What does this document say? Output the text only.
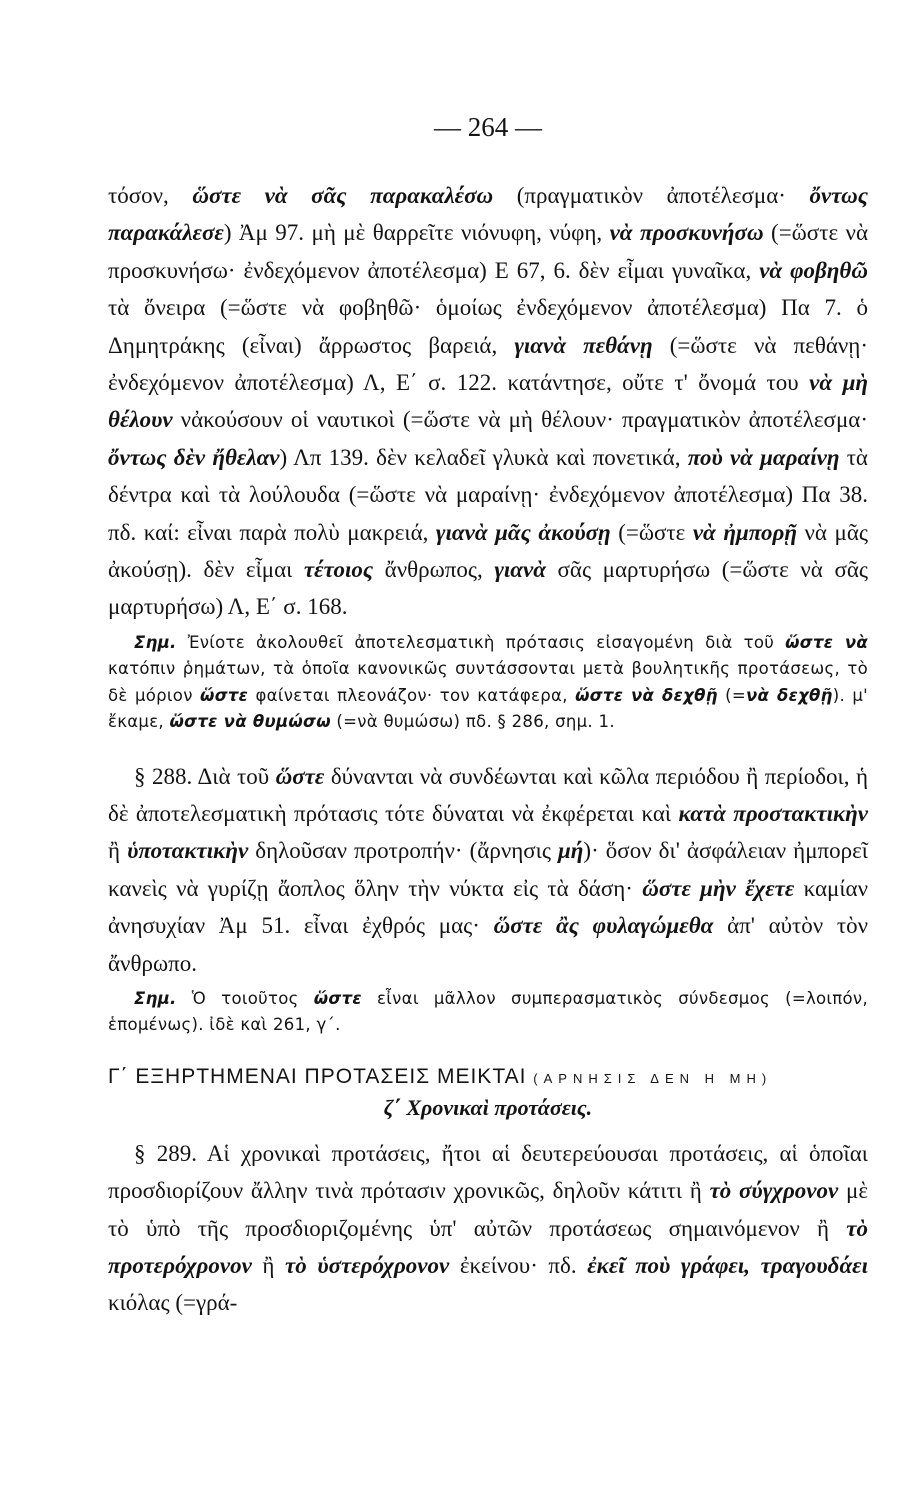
— 264 —

τόσον, ὥστε νὰ σᾶς παρακαλέσω (πραγματικὸν ἀποτέλεσμα· ὄντως παρακάλεσε) Ἀμ 97. μὴ μὲ θαρρεῖτε νιόνυφη, νύφη, νὰ προσκυνήσω (=ὥστε νὰ προσκυνήσω· ἐνδεχόμενον ἀποτέλεσμα) Ε 67, 6. δὲν εἶμαι γυναῖκα, νὰ φοβηθῶ τὰ ὄνειρα (=ὥστε νὰ φοβηθῶ· ὁμοίως ἐνδεχόμενον ἀποτέλεσμα) Πα 7. ὁ Δημητράκης (εἶναι) ἄρρωστος βαρειά, γιανὰ πεθάνῃ (=ὥστε νὰ πεθάνῃ· ἐνδεχόμενον ἀποτέλεσμα) Λ, Ε΄ σ. 122. κατάντησε, οὔτε τ' ὄνομά του νὰ μὴ θέλουν νἀκούσουν οἱ ναυτικοὶ (=ὥστε νὰ μὴ θέλουν· πραγματικὸν ἀποτέλεσμα· ὄντως δὲν ἤθελαν) Λπ 139. δὲν κελαδεῖ γλυκὰ καὶ πονετικά, ποὺ νὰ μαραίνῃ τὰ δέντρα καὶ τὰ λούλουδα (=ὥστε νὰ μαραίνῃ· ἐνδεχόμενον ἀποτέλεσμα) Πα 38. πδ. καί: εἶναι παρὰ πολὺ μακρειά, γιανὰ μᾶς ἀκούσῃ (=ὥστε νὰ ἠμπορῇ νὰ μᾶς ἀκούσῃ). δὲν εἶμαι τέτοιος ἄνθρωπος, γιανὰ σᾶς μαρτυρήσω (=ὥστε νὰ σᾶς μαρτυρήσω) Λ, Ε΄ σ. 168.

Σημ. Ἐνίοτε ἀκολουθεῖ ἀποτελεσματικὴ πρότασις εἰσαγομένη διὰ τοῦ ὥστε νὰ κατόπιν ῥημάτων, τὰ ὁποῖα κανονικῶς συντάσσονται μετὰ βουλητικῆς προτάσεως, τὸ δὲ μόριον ὥστε φαίνεται πλεονάζον· τον κατάφερα, ὥστε νὰ δεχθῇ (=νὰ δεχθῇ). μ' ἔκαμε, ὥστε νὰ θυμώσω (=νὰ θυμώσω) πδ. § 286, σημ. 1.

§ 288. Διὰ τοῦ ὥστε δύνανται νὰ συνδέωνται καὶ κῶλα περιόδου ἢ περίοδοι, ἡ δὲ ἀποτελεσματικὴ πρότασις τότε δύναται νὰ ἐκφέρεται καὶ κατὰ προστακτικὴν ἢ ὑποτακτικὴν δηλοῦσαν προτροπήν· (ἄρνησις μή)· ὅσον δι' ἀσφάλειαν ἠμπορεῖ κανεὶς νὰ γυρίζῃ ἄοπλος ὅλην τὴν νύκτα εἰς τὰ δάση· ὥστε μὴν ἔχετε καμίαν ἀνησυχίαν Ἀμ 51. εἶναι ἐχθρός μας· ὥστε ἂς φυλαγώμεθα ἀπ' αὐτὸν τὸν ἄνθρωπο.

Σημ. Ὁ τοιοῦτος ὥστε εἶναι μᾶλλον συμπερασματικὸς σύνδεσμος (=λοιπόν, ἑπομένως). ἰδὲ καὶ 261, γ΄.

Γ΄ ΕΞΗΡΤΗΜΕΝΑΙ ΠΡΟΤΑΣΕΙΣ ΜΕΙΚΤΑΙ (ΑΡΝΗΣΙΣ ΔΕΝ Η ΜΗ)
ζ΄ Χρονικαὶ προτάσεις.

§ 289. Αἱ χρονικαὶ προτάσεις, ἤτοι αἱ δευτερεύουσαι προτάσεις, αἱ ὁποῖαι προσδιορίζουν ἄλλην τινὰ πρότασιν χρονικῶς, δηλοῦν κάτιτι ἢ τὸ σύγχρονον μὲ τὸ ὑπὸ τῆς προσδιοριζομένης ὑπ' αὐτῶν προτάσεως σημαινόμενον ἢ τὸ προτερόχρονον ἢ τὸ ὑστερόχρονον ἐκείνου· πδ. ἐκεῖ ποὺ γράφει, τραγουδάει κιόλας (=γρά-
